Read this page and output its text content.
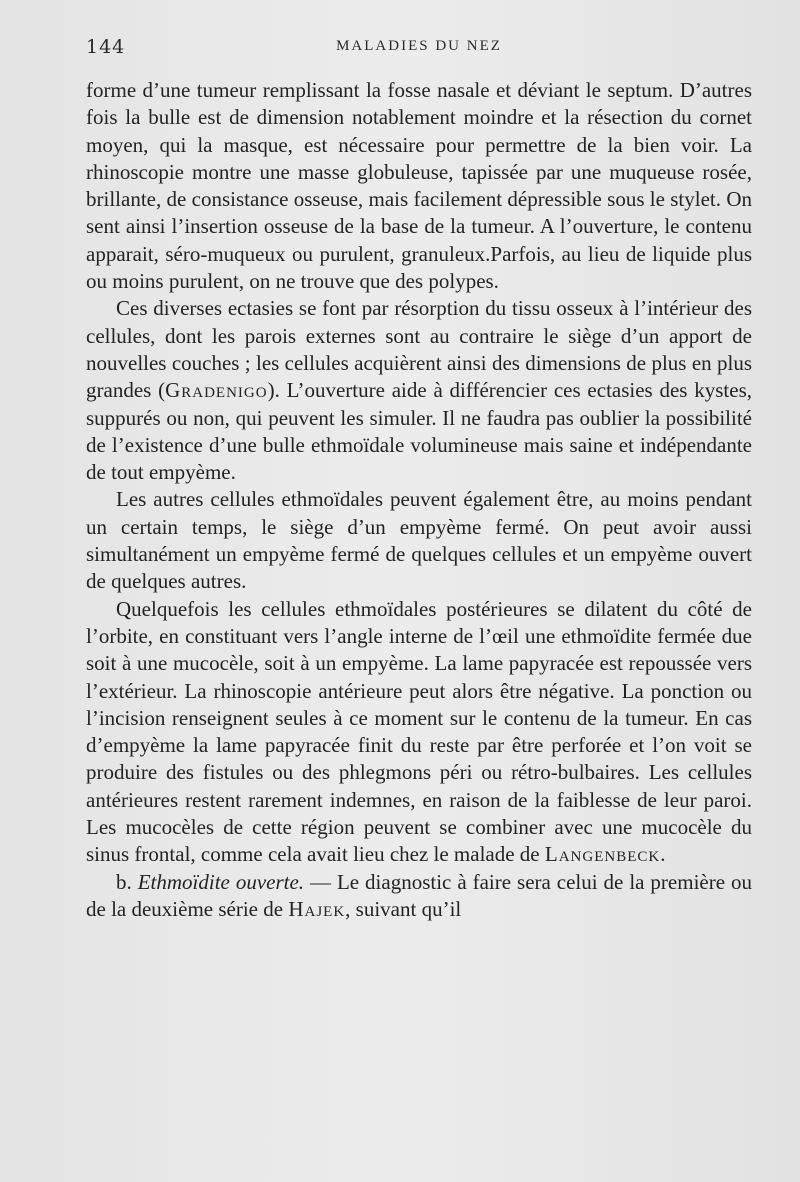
144	MALADIES DU NEZ

forme d’une tumeur remplissant la fosse nasale et déviant le septum. D’autres fois la bulle est de dimension notablement moindre et la résection du cornet moyen, qui la masque, est nécessaire pour permettre de la bien voir. La rhinoscopie montre une masse globuleuse, tapissée par une muqueuse rosée, brillante, de consistance osseuse, mais facilement dépressible sous le stylet. On sent ainsi l’insertion osseuse de la base de la tumeur. A l’ouverture, le contenu apparait, séro-muqueux ou purulent, granuleux.Parfois, au lieu de liquide plus ou moins purulent, on ne trouve que des polypes.

Ces diverses ectasies se font par résorption du tissu osseux à l’intérieur des cellules, dont les parois externes sont au contraire le siège d’un apport de nouvelles couches ; les cellules acquièrent ainsi des dimensions de plus en plus grandes (Gradenigo). L’ouverture aide à différencier ces ectasies des kystes, suppurés ou non, qui peuvent les simuler. Il ne faudra pas oublier la possibilité de l’existence d’une bulle ethmoïdale volumineuse mais saine et indépendante de tout empyème.

Les autres cellules ethmoïdales peuvent également être, au moins pendant un certain temps, le siège d’un empyème fermé. On peut avoir aussi simultanément un empyème fermé de quelques cellules et un empyème ouvert de quelques autres.

Quelquefois les cellules ethmoïdales postérieures se dilatent du côté de l’orbite, en constituant vers l’angle interne de l’œil une ethmoïdite fermée due soit à une mucocèle, soit à un empyème. La lame papyracée est repoussée vers l’extérieur. La rhinoscopie antérieure peut alors être négative. La ponction ou l’incision renseignent seules à ce moment sur le contenu de la tumeur. En cas d’empyème la lame papyracée finit du reste par être perforée et l’on voit se produire des fistules ou des phlegmons péri ou rétro-bulbaires. Les cellules antérieures restent rarement indemnes, en raison de la faiblesse de leur paroi. Les mucocèles de cette région peuvent se combiner avec une mucocèle du sinus frontal, comme cela avait lieu chez le malade de Langenbeck.

b. Ethmoïdite ouverte. — Le diagnostic à faire sera celui de la première ou de la deuxième série de Hajek, suivant qu’il
